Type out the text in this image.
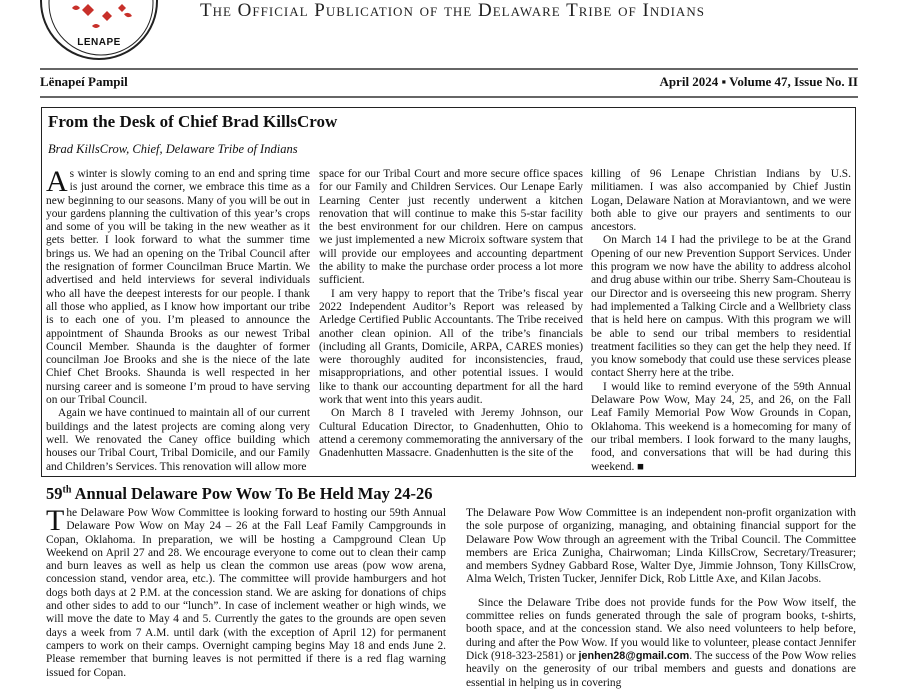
LENAPE
The Official Publication of the Delaware Tribe of Indians
Lënapeí Pampil	April 2024 ▪ Volume 47, Issue No. II
From the Desk of Chief Brad KillsCrow
Brad KillsCrow, Chief, Delaware Tribe of Indians

As winter is slowly coming to an end and spring time is just around the corner, we embrace this time as a new beginning to our seasons. Many of you will be out in your gardens planning the cultivation of this year’s crops and some of you will be taking in the new weather as it gets better. I look forward to what the summer time brings us. We had an opening on the Tribal Council after the resignation of former Councilman Bruce Martin. We advertised and held interviews for several individuals who all have the deepest interests for our people. I thank all those who applied, as I know how important our tribe is to each one of you. I’m pleased to announce the appointment of Shaunda Brooks as our newest Tribal Council Member. Shaunda is the daughter of former councilman Joe Brooks and she is the niece of the late Chief Chet Brooks. Shaunda is well respected in her nursing career and is someone I’m proud to have serving on our Tribal Council.

Again we have continued to maintain all of our current buildings and the latest projects are coming along very well. We renovated the Caney office building which houses our Tribal Court, Tribal Domicile, and our Family and Children’s Services. This renovation will allow more

space for our Tribal Court and more secure office spaces for our Family and Children Services. Our Lenape Early Learning Center just recently underwent a kitchen renovation that will continue to make this 5-star facility the best environment for our children. Here on campus we just implemented a new Microix software system that will provide our employees and accounting department the ability to make the purchase order process a lot more sufficient.

I am very happy to report that the Tribe’s fiscal year 2022 Independent Auditor’s Report was released by Arledge Certified Public Accountants. The Tribe received another clean opinion. All of the tribe’s financials (including all Grants, Domicile, ARPA, CARES monies) were thoroughly audited for inconsistencies, fraud, misappropriations, and other potential issues. I would like to thank our accounting department for all the hard work that went into this years audit.

On March 8 I traveled with Jeremy Johnson, our Cultural Education Director, to Gnadenhutten, Ohio to attend a ceremony commemorating the anniversary of the Gnadenhutten Massacre. Gnadenhutten is the site of the

killing of 96 Lenape Christian Indians by U.S. militiamen. I was also accompanied by Chief Justin Logan, Delaware Nation at Moraviantown, and we were both able to give our prayers and sentiments to our ancestors.

On March 14 I had the privilege to be at the Grand Opening of our new Prevention Support Services. Under this program we now have the ability to address alcohol and drug abuse within our tribe. Sherry Sam-Chouteau is our Director and is overseeing this new program. Sherry had implemented a Talking Circle and a Wellbriety class that is held here on campus. With this program we will be able to send our tribal members to residential treatment facilities so they can get the help they need. If you know somebody that could use these services please contact Sherry here at the tribe.

I would like to remind everyone of the 59th Annual Delaware Pow Wow, May 24, 25, and 26, on the Fall Leaf Family Memorial Pow Wow Grounds in Copan, Oklahoma. This weekend is a homecoming for many of our tribal members. I look forward to the many laughs, food, and conversations that will be had during this weekend. ■

59th Annual Delaware Pow Wow To Be Held May 24-26

The Delaware Pow Wow Committee is looking forward to hosting our 59th Annual Delaware Pow Wow on May 24 – 26 at the Fall Leaf Family Campgrounds in Copan, Oklahoma. In preparation, we will be hosting a Campground Clean Up Weekend on April 27 and 28. We encourage everyone to come out to clean their camp and burn leaves as well as help us clean the common use areas (pow wow arena, concession stand, vendor area, etc.). The committee will provide hamburgers and hot dogs both days at 2 P.M. at the concession stand. We are asking for donations of chips and other sides to add to our “lunch”. In case of inclement weather or high winds, we will move the date to May 4 and 5. Currently the gates to the grounds are open seven days a week from 7 A.M. until dark (with the exception of April 12) for permanent campers to work on their camps. Overnight camping begins May 18 and ends June 2. Please remember that burning leaves is not permitted if there is a red flag warning issued for Copan.

The Delaware Pow Wow Committee is an independent non-profit organization with the sole purpose of organizing, managing, and obtaining financial support for the Delaware Pow Wow through an agreement with the Tribal Council. The Committee members are Erica Zunigha, Chairwoman; Linda KillsCrow, Secretary/Treasurer; and members Sydney Gabbard Rose, Walter Dye, Jimmie Johnson, Tony KillsCrow, Alma Welch, Tristen Tucker, Jennifer Dick, Rob Little Axe, and Kilan Jacobs.

Since the Delaware Tribe does not provide funds for the Pow Wow itself, the committee relies on funds generated through the sale of program books, t-shirts, booth space, and at the concession stand. We also need volunteers to help before, during and after the Pow Wow. If you would like to volunteer, please contact Jennifer Dick (918-323-2581) or jenhen28@gmail.com. The success of the Pow Wow relies heavily on the generosity of our tribal members and guests and donations are essential in helping us in covering
